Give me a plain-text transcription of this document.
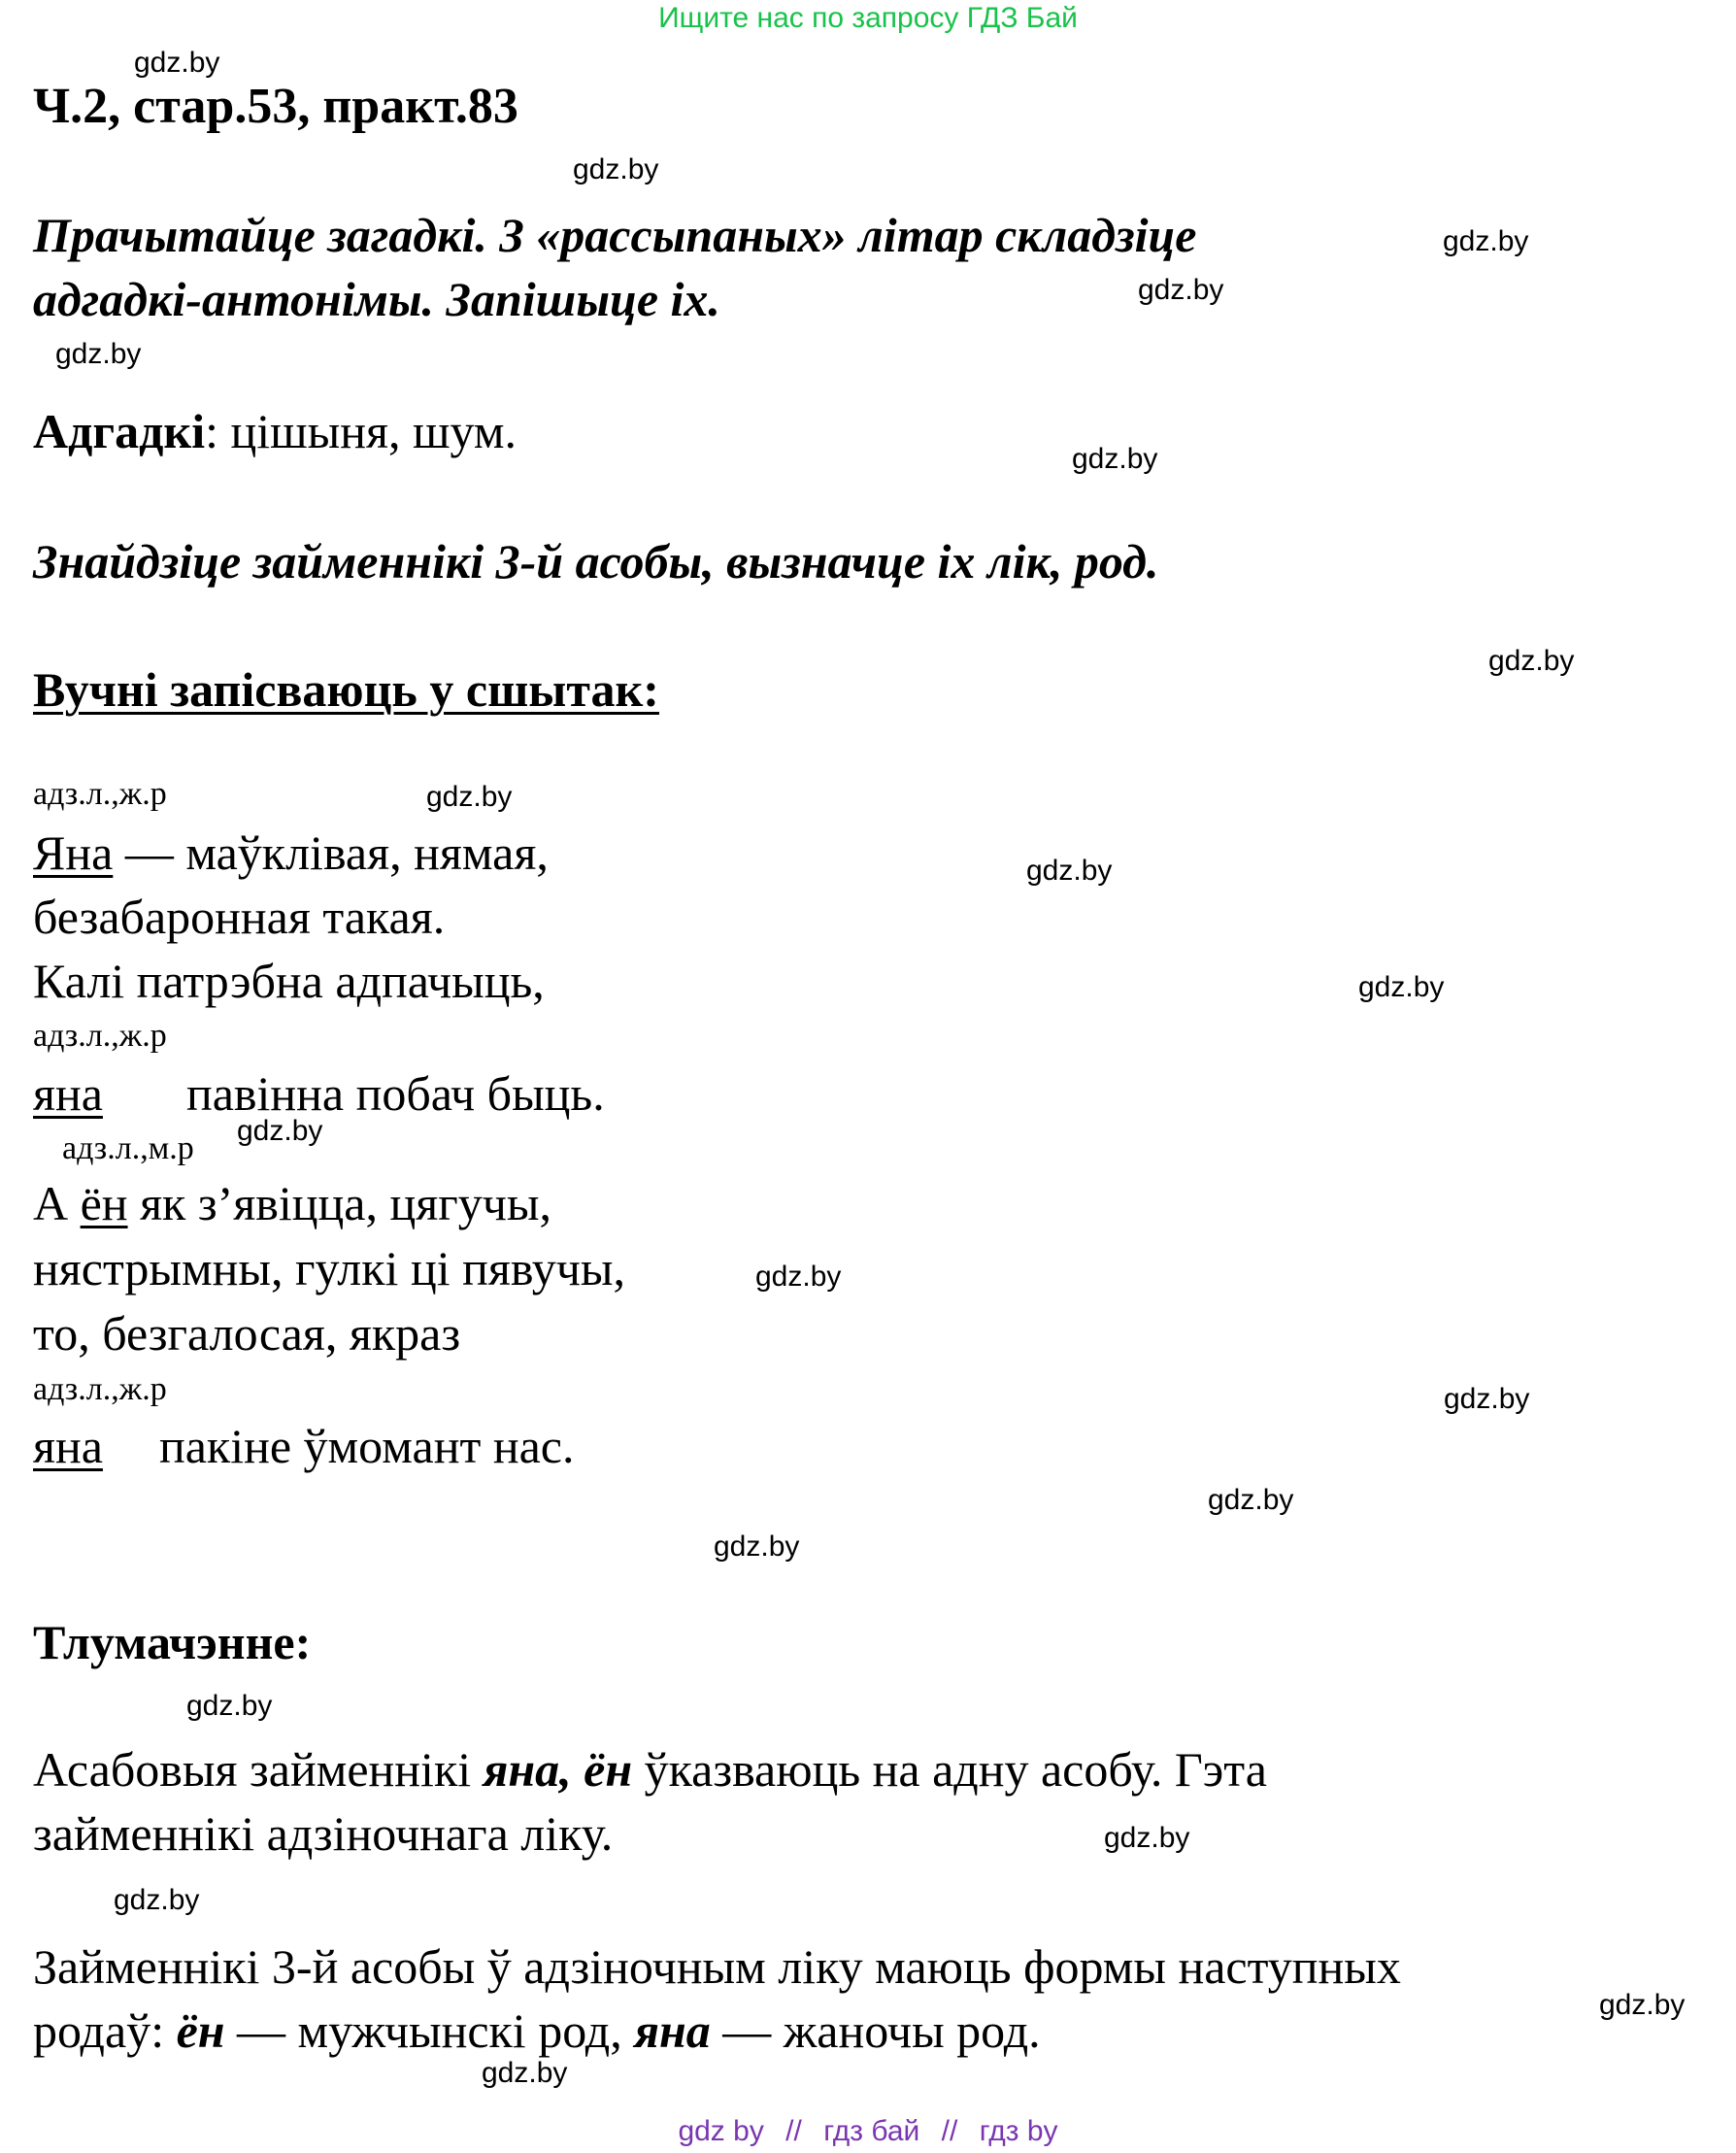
Ищите нас по запросу ГДЗ Бай
gdz.by
gdz.by
gdz.by
gdz.by
gdz.by
gdz.by
gdz.by
gdz.by
gdz.by
gdz.by
gdz.by
gdz.by
gdz.by
gdz.by
gdz.by
gdz.by
gdz.by
gdz.by
gdz.by
gdz.by
Ч.2, стар.53, практ.83
Прачытайце загадкі. З «рассыпаных» літар складзіце
адгадкі-антонімы. Запішыце іх.
Адгадкі: цішыня, шум.
Знайдзіце займеннікі 3-й асобы, вызначце іх лік, род.
Вучні запісваюць у сшытак:
адз.л.,ж.р
Яна — маўклівая, нямая,
безабаронная такая.
Калі патрэбна адпачыць,
адз.л.,ж.р
яна павінна побач быць.
адз.л.,м.р
А ён як з’явіцца, цягучы,
нястрымны, гулкі ці пявучы,
то, безгалосая, якраз
адз.л.,ж.р
яна пакіне ўмомант нас.
Тлумачэнне:
Асабовыя займеннікі яна, ён ўказваюць на адну асобу. Гэта
займеннікі адзіночнага ліку.
Займеннікі 3-й асобы ў адзіночным ліку маюць формы наступных
родаў: ён — мужчынскі род, яна — жаночы род.
gdz by // гдз бай // гдз by
